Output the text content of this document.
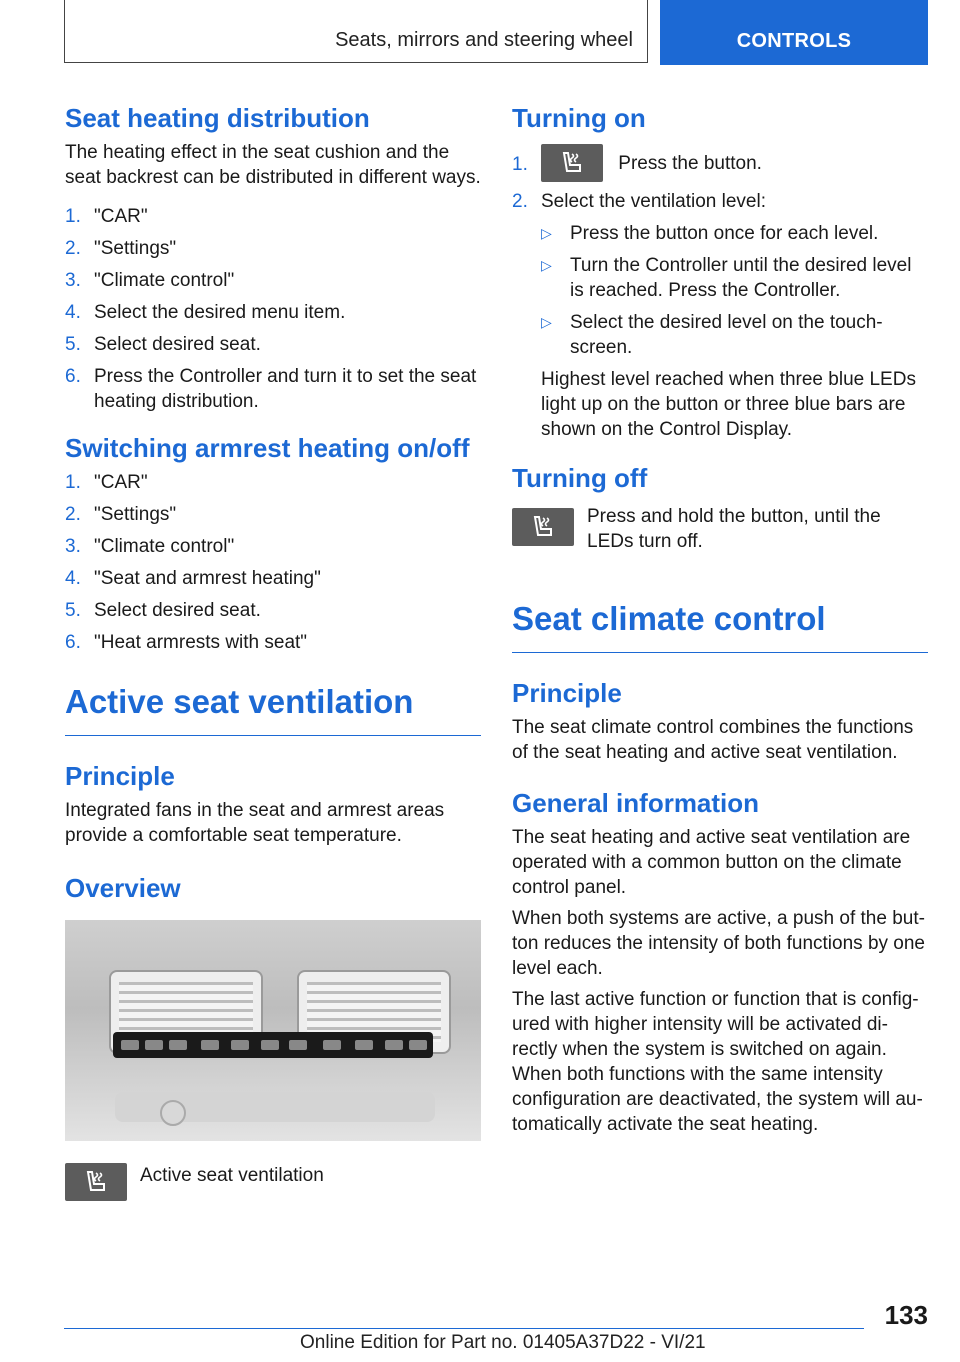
Seats, mirrors and steering wheel	CONTROLS
Seat heating distribution

The heating effect in the seat cushion and the seat backrest can be distributed in different ways.

1. "CAR"
2. "Settings"
3. "Climate control"
4. Select the desired menu item.
5. Select desired seat.
6. Press the Controller and turn it to set the seat heating distribution.
Switching armrest heating on/off
1. "CAR"
2. "Settings"
3. "Climate control"
4. "Seat and armrest heating"
5. Select desired seat.
6. "Heat armrests with seat"
Active seat ventilation
Principle

Integrated fans in the seat and armrest areas provide a comfortable seat temperature.

Overview

Active seat ventilation

Turning on
1.	Press the button.
2. Select the ventilation level:
▷ Press the button once for each level.
▷ Turn the Controller until the desired level is reached. Press the Controller.
▷ Select the desired level on the touch-screen.

Highest level reached when three blue LEDs light up on the button or three blue bars are shown on the Control Display.

Turning off

Press and hold the button, until the LEDs turn off.

Seat climate control
Principle

The seat climate control combines the functions of the seat heating and active seat ventilation.

General information

The seat heating and active seat ventilation are operated with a common button on the climate control panel.

When both systems are active, a push of the but-ton reduces the intensity of both functions by one level each.

The last active function or function that is config-ured with higher intensity will be activated di-rectly when the system is switched on again. When both functions with the same intensity configuration are deactivated, the system will au-tomatically activate the seat heating.

133
Online Edition for Part no. 01405A37D22 - VI/21
